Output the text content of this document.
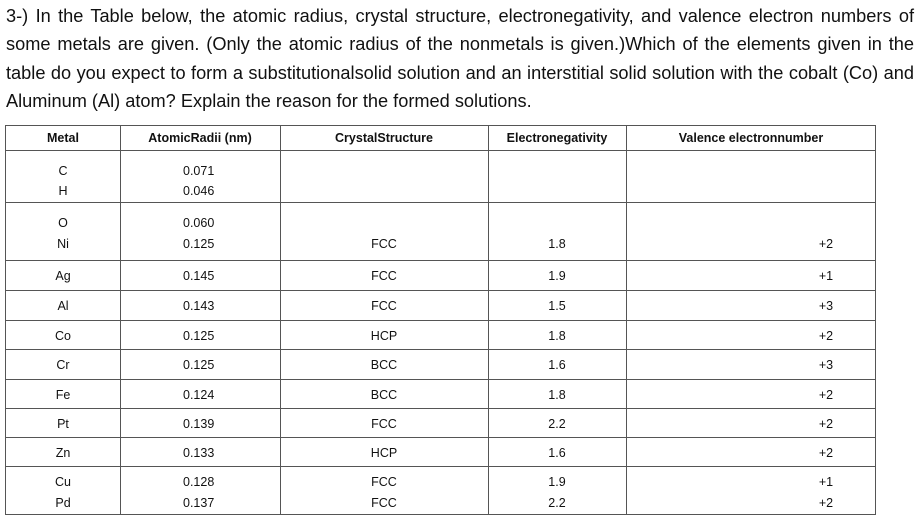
3-) In the Table below, the atomic radius, crystal structure, electronegativity, and valence electron numbers of some metals are given. (Only the atomic radius of the nonmetals is given.)Which of the elements given in the table do you expect to form a substitutionalsolid solution and an interstitial solid solution with the cobalt (Co) and Aluminum (Al) atom? Explain the reason for the formed solutions.
Metal	AtomicRadii (nm)	CrystalStructure	Electronegativity	Valence electronnumber
C	0.071
H	0.046
O	0.060
Ni	0.125	FCC	1.8	+2
Ag	0.145	FCC	1.9	+1
Al	0.143	FCC	1.5	+3
Co	0.125	HCP	1.8	+2
Cr	0.125	BCC	1.6	+3
Fe	0.124	BCC	1.8	+2
Pt	0.139	FCC	2.2	+2
Zn	0.133	HCP	1.6	+2
Cu	0.128	FCC	1.9	+1
Pd	0.137	FCC	2.2	+2
